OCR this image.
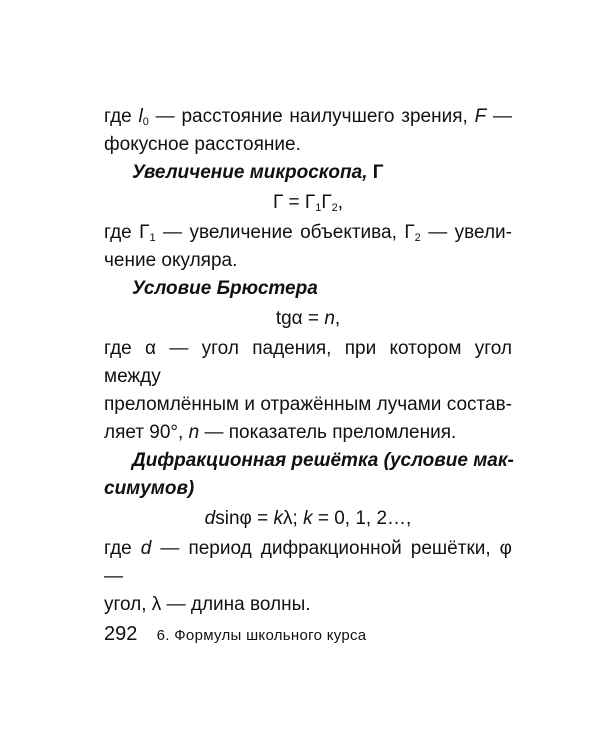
где $l_0$ — расстояние наилучшего зрения, F —
фокусное расстояние.
Увеличение микроскопа, Г
$Г = Г_1Г_2$,
где $Г_1$ — увеличение объектива, $Г_2$ — увели-
чение окуляра.
Условие Брюстера
tgα = n,
где α — угол падения, при котором угол между
преломлённым и отражённым лучами состав-
ляет 90°, n — показатель преломления.
Дифракционная решётка (условие мак-
симумов)
dsinφ = kλ; k = 0, 1, 2…,
где d — период дифракционной решётки, φ —
угол, λ — длина волны.
292 6. Формулы школьного курса
